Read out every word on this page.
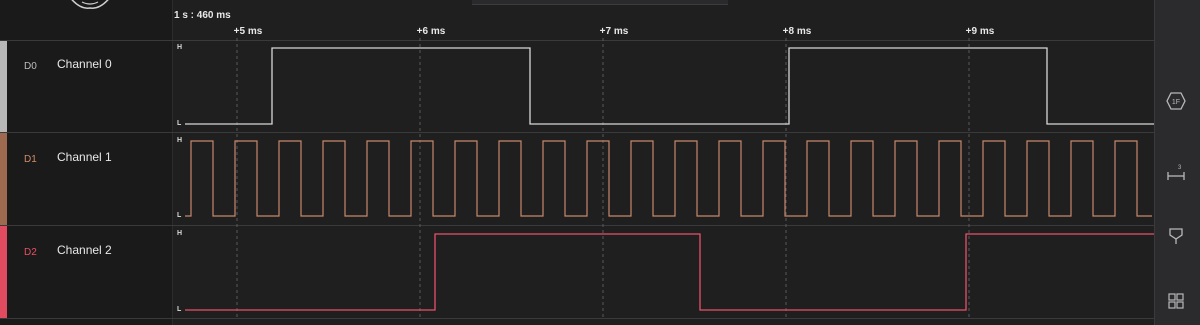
1 s : 460 ms
+5 ms	+6 ms	+7 ms	+8 ms	+9 ms
D0 Channel 0
D1 Channel 1
D2 Channel 2
H
L
H
L
H
L
1F
3
